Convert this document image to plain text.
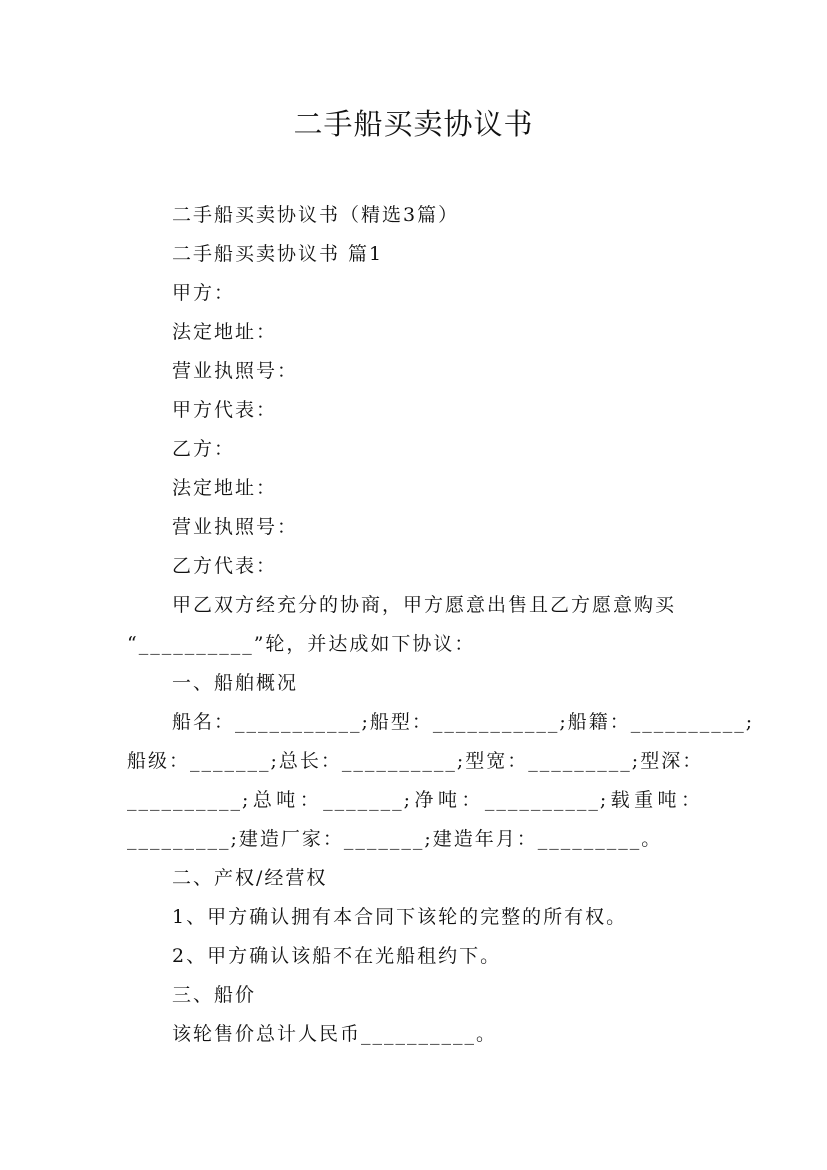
二手船买卖协议书

二手船买卖协议书（精选3篇）

二手船买卖协议书 篇1

甲方：

法定地址：

营业执照号：

甲方代表：

乙方：

法定地址：

营业执照号：

乙方代表：

甲乙双方经充分的协商，甲方愿意出售且乙方愿意购买

“__________”轮，并达成如下协议：

一、船舶概况

船名：___________;船型：___________;船籍：__________;

船级：_______;总长：__________;型宽：_________;型深：

__________;总吨：_______;净吨：__________;载重吨：

_________;建造厂家：_______;建造年月：_________。

二、产权/经营权

1、甲方确认拥有本合同下该轮的完整的所有权。

2、甲方确认该船不在光船租约下。

三、船价

该轮售价总计人民币__________。
